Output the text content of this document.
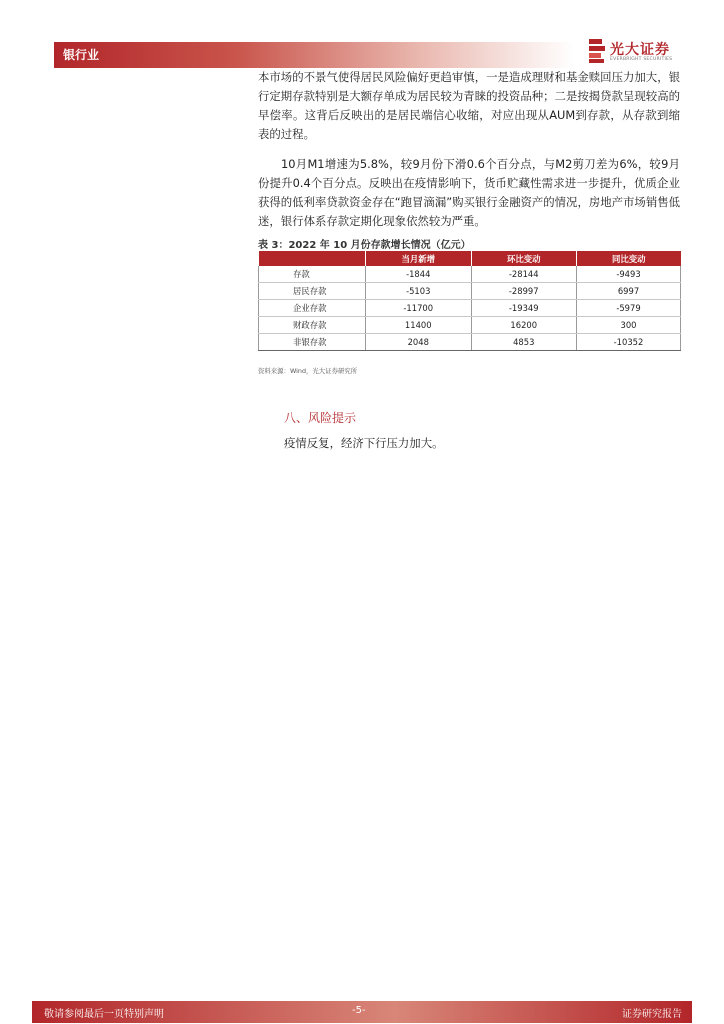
银行业	光大证券
EVERBRIGHT SECURITIES

本市场的不景气使得居民风险偏好更趋审慎，一是造成理财和基金赎回压力加大，银行定期存款特别是大额存单成为居民较为青睐的投资品种；二是按揭贷款呈现较高的早偿率。这背后反映出的是居民端信心收缩，对应出现从AUM到存款，从存款到缩表的过程。

10月M1增速为5.8%，较9月份下滑0.6个百分点，与M2剪刀差为6%，较9月份提升0.4个百分点。反映出在疫情影响下，货币贮藏性需求进一步提升，优质企业获得的低利率贷款资金存在“跑冒滴漏”购买银行金融资产的情况，房地产市场销售低迷，银行体系存款定期化现象依然较为严重。

表 3：2022 年 10 月份存款增长情况（亿元）
	当月新增	环比变动	同比变动
存款	-1844	-28144	-9493
居民存款	-5103	-28997	6997
企业存款	-11700	-19349	-5979
财政存款	11400	16200	300
非银存款	2048	4853	-10352
资料来源：Wind，光大证券研究所
八、风险提示
疫情反复，经济下行压力加大。
敬请参阅最后一页特别声明	-5-	证券研究报告
